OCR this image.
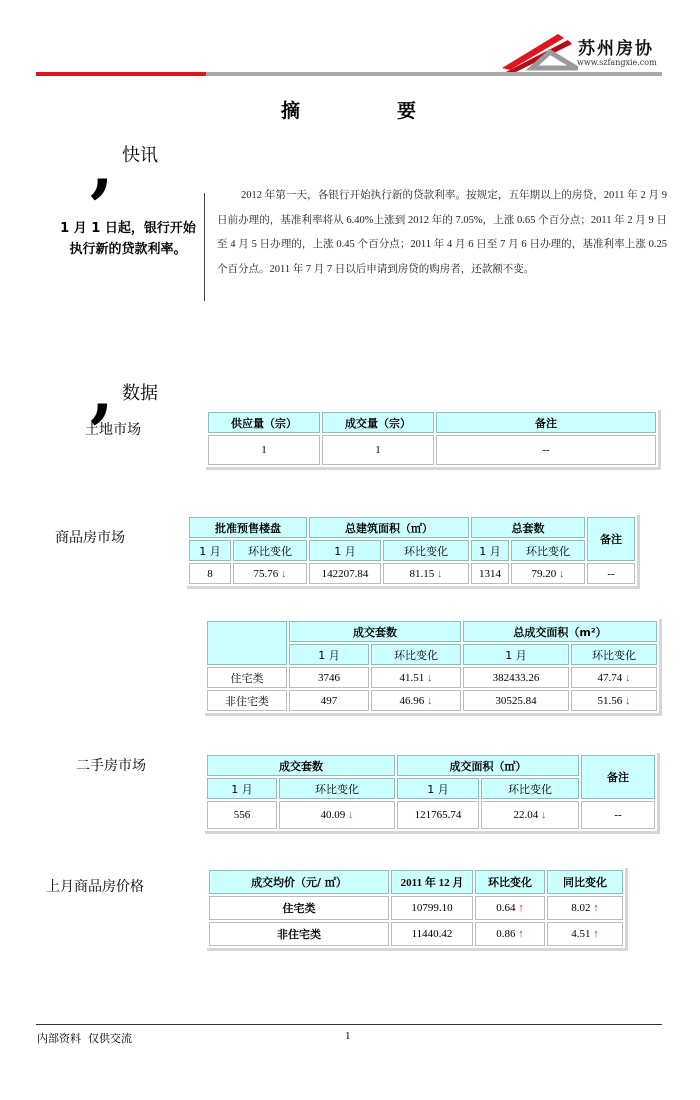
苏州房协
www.szfangxie.com
摘	要
, 快讯
1 月 1 日起，银行开始执行新的贷款利率。
2012 年第一天，各银行开始执行新的贷款利率。按规定，五年期以上的房贷，2011 年 2 月 9 日前办理的，基准利率将从 6.40%上涨到 2012 年的 7.05%，上涨 0.65 个百分点；2011 年 2 月 9 日至 4 月 5 日办理的，上涨 0.45 个百分点；2011 年 4 月 6 日至 7 月 6 日办理的，基准利率上涨 0.25 个百分点。2011 年 7 月 7 日以后申请到房贷的购房者，还款额不变。
, 数据
土地市场	供应量（宗）	成交量（宗）	备注
1	1	--
商品房市场
批准预售楼盘		总建筑面积（㎡）		总套数		备注
1 月	环比变化	1 月	环比变化	1 月	环比变化	
8	75.76 ↓	142207.84	81.15 ↓	1314	79.20 ↓	--
	成交套数		总成交面积（m²）	
	1 月	环比变化	1 月	环比变化
住宅类	3746	41.51 ↓	382433.26	47.74 ↓
非住宅类	497	46.96 ↓	30525.84	51.56 ↓
二手房市场	成交套数		成交面积（㎡）		备注
1 月	环比变化	1 月	环比变化	
556	40.09 ↓	121765.74	22.04 ↓	--
上月商品房价格	成交均价（元/ ㎡）	2011 年 12 月	环比变化	同比变化
住宅类	10799.10	0.64 ↑	8.02 ↑
非住宅类	11440.42	0.86 ↑	4.51 ↑
内部资料  仅供交流	1
